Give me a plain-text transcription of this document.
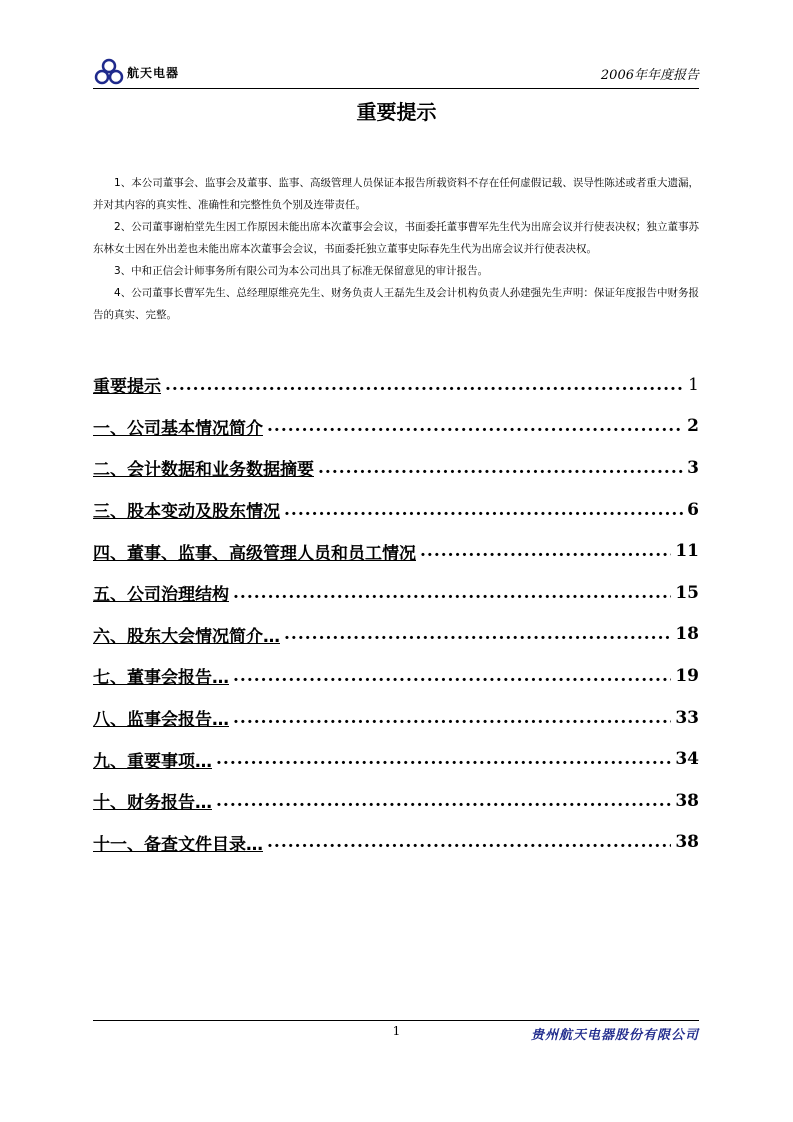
航天电器	2006年年度报告
重要提示

1、本公司董事会、监事会及董事、监事、高级管理人员保证本报告所载资料不存在任何虚假记载、误导性陈述或者重大遗漏，并对其内容的真实性、准确性和完整性负个别及连带责任。

2、公司董事谢柏堂先生因工作原因未能出席本次董事会会议，书面委托董事曹军先生代为出席会议并行使表决权；独立董事苏东林女士因在外出差也未能出席本次董事会会议，书面委托独立董事史际春先生代为出席会议并行使表决权。

3、中和正信会计师事务所有限公司为本公司出具了标准无保留意见的审计报告。

4、公司董事长曹军先生、总经理原维亮先生、财务负责人王磊先生及会计机构负责人孙建强先生声明：保证年度报告中财务报告的真实、完整。

重要提示 .....	1
一、公司基本情况简介 .....	2
二、会计数据和业务数据摘要 .....	3
三、股本变动及股东情况 .....	6
四、董事、监事、高级管理人员和员工情况 .....	11
五、公司治理结构 .....	15
六、股东大会情况简介… .....	18
七、董事会报告… .....	19
八、监事会报告… .....	33
九、重要事项… .....	34
十、财务报告… .....	38
十一、备查文件目录… .....	38
1	贵州航天电器股份有限公司
